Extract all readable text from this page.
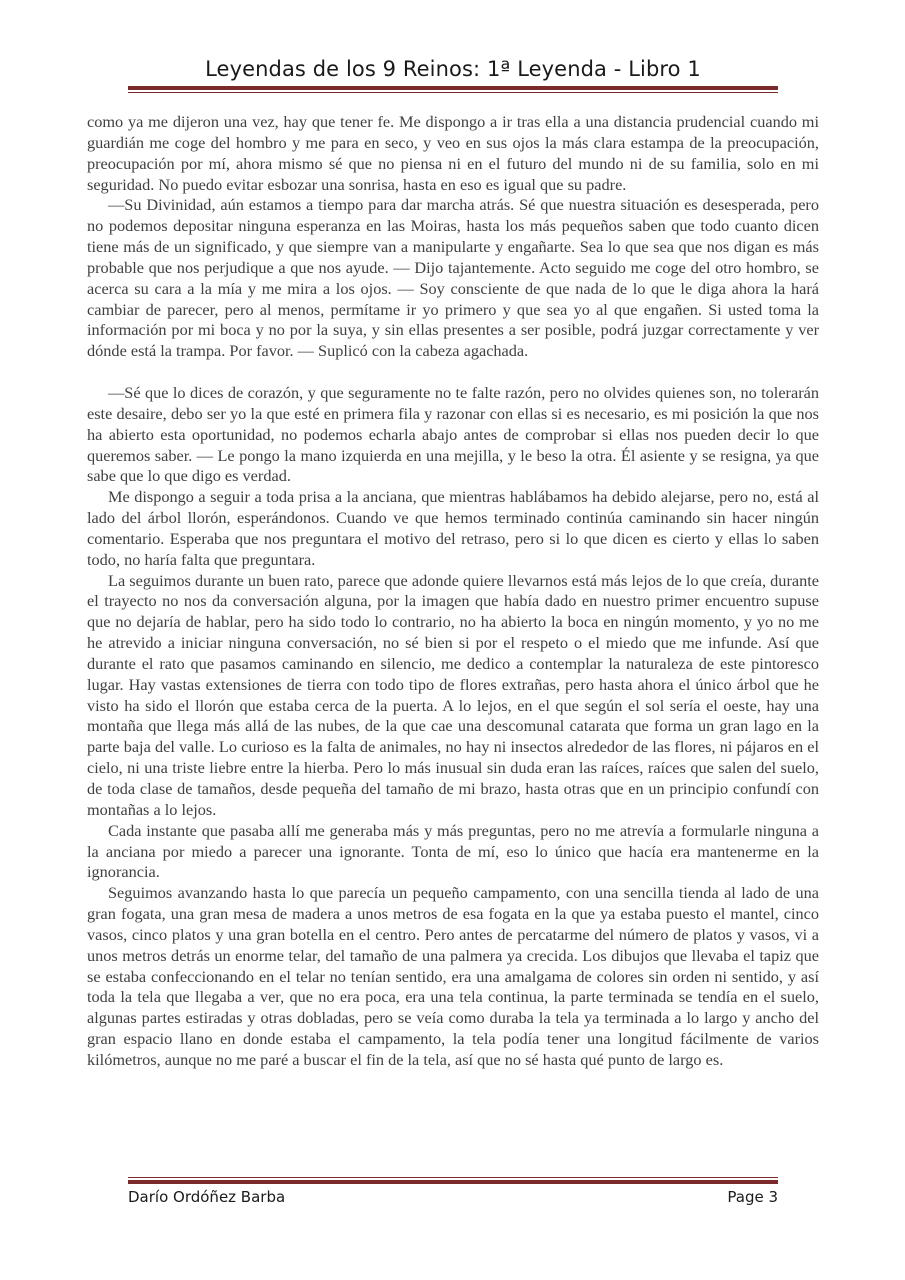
Leyendas de los 9 Reinos: 1ª Leyenda - Libro 1

como ya me dijeron una vez, hay que tener fe. Me dispongo a ir tras ella a una distancia prudencial cuando mi guardián me coge del hombro y me para en seco, y veo en sus ojos la más clara estampa de la preocupación, preocupación por mí, ahora mismo sé que no piensa ni en el futuro del mundo ni de su familia, solo en mi seguridad. No puedo evitar esbozar una sonrisa, hasta en eso es igual que su padre.

—Su Divinidad, aún estamos a tiempo para dar marcha atrás. Sé que nuestra situación es desesperada, pero no podemos depositar ninguna esperanza en las Moiras, hasta los más pequeños saben que todo cuanto dicen tiene más de un significado, y que siempre van a manipularte y engañarte. Sea lo que sea que nos digan es más probable que nos perjudique a que nos ayude. — Dijo tajantemente. Acto seguido me coge del otro hombro, se acerca su cara a la mía y me mira a los ojos. — Soy consciente de que nada de lo que le diga ahora la hará cambiar de parecer, pero al menos, permítame ir yo primero y que sea yo al que engañen. Si usted toma la información por mi boca y no por la suya, y sin ellas presentes a ser posible, podrá juzgar correctamente y ver dónde está la trampa. Por favor. — Suplicó con la cabeza agachada.

—Sé que lo dices de corazón, y que seguramente no te falte razón, pero no olvides quienes son, no tolerarán este desaire, debo ser yo la que esté en primera fila y razonar con ellas si es necesario, es mi posición la que nos ha abierto esta oportunidad, no podemos echarla abajo antes de comprobar si ellas nos pueden decir lo que queremos saber. — Le pongo la mano izquierda en una mejilla, y le beso la otra. Él asiente y se resigna, ya que sabe que lo que digo es verdad.

Me dispongo a seguir a toda prisa a la anciana, que mientras hablábamos ha debido alejarse, pero no, está al lado del árbol llorón, esperándonos. Cuando ve que hemos terminado continúa caminando sin hacer ningún comentario. Esperaba que nos preguntara el motivo del retraso, pero si lo que dicen es cierto y ellas lo saben todo, no haría falta que preguntara.

La seguimos durante un buen rato, parece que adonde quiere llevarnos está más lejos de lo que creía, durante el trayecto no nos da conversación alguna, por la imagen que había dado en nuestro primer encuentro supuse que no dejaría de hablar, pero ha sido todo lo contrario, no ha abierto la boca en ningún momento, y yo no me he atrevido a iniciar ninguna conversación, no sé bien si por el respeto o el miedo que me infunde. Así que durante el rato que pasamos caminando en silencio, me dedico a contemplar la naturaleza de este pintoresco lugar. Hay vastas extensiones de tierra con todo tipo de flores extrañas, pero hasta ahora el único árbol que he visto ha sido el llorón que estaba cerca de la puerta. A lo lejos, en el que según el sol sería el oeste, hay una montaña que llega más allá de las nubes, de la que cae una descomunal catarata que forma un gran lago en la parte baja del valle. Lo curioso es la falta de animales, no hay ni insectos alrededor de las flores, ni pájaros en el cielo, ni una triste liebre entre la hierba. Pero lo más inusual sin duda eran las raíces, raíces que salen del suelo, de toda clase de tamaños, desde pequeña del tamaño de mi brazo, hasta otras que en un principio confundí con montañas a lo lejos.

Cada instante que pasaba allí me generaba más y más preguntas, pero no me atrevía a formularle ninguna a la anciana por miedo a parecer una ignorante. Tonta de mí, eso lo único que hacía era mantenerme en la ignorancia.

Seguimos avanzando hasta lo que parecía un pequeño campamento, con una sencilla tienda al lado de una gran fogata, una gran mesa de madera a unos metros de esa fogata en la que ya estaba puesto el mantel, cinco vasos, cinco platos y una gran botella en el centro. Pero antes de percatarme del número de platos y vasos, vi a unos metros detrás un enorme telar, del tamaño de una palmera ya crecida. Los dibujos que llevaba el tapiz que se estaba confeccionando en el telar no tenían sentido, era una amalgama de colores sin orden ni sentido, y así toda la tela que llegaba a ver, que no era poca, era una tela continua, la parte terminada se tendía en el suelo, algunas partes estiradas y otras dobladas, pero se veía como duraba la tela ya terminada a lo largo y ancho del gran espacio llano en donde estaba el campamento, la tela podía tener una longitud fácilmente de varios kilómetros, aunque no me paré a buscar el fin de la tela, así que no sé hasta qué punto de largo es.

Darío Ordóñez Barba	Page 3
